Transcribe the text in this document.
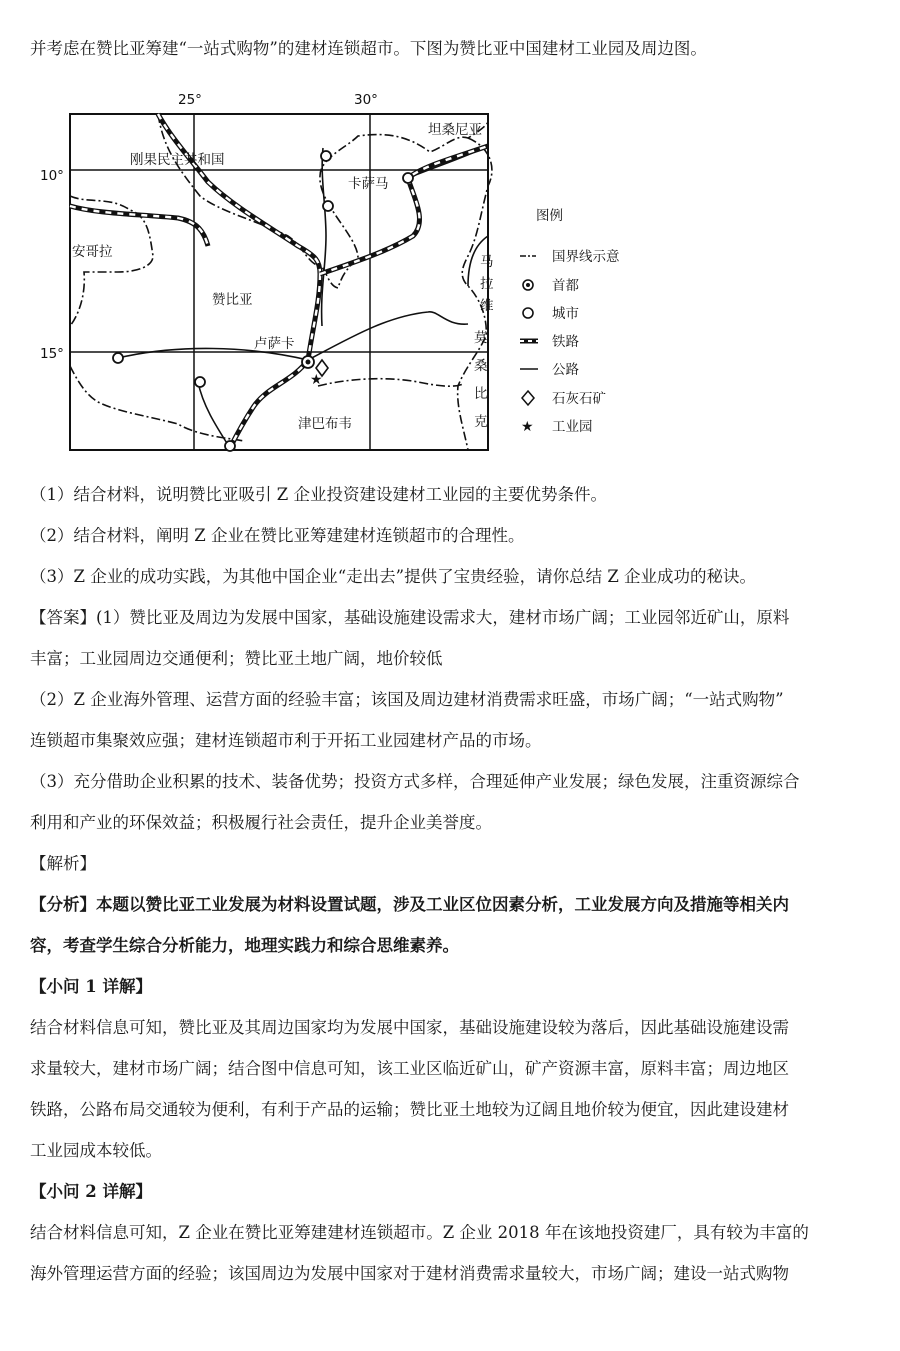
并考虑在赞比亚筹建“一站式购物”的建材连锁超市。下图为赞比亚中国建材工业园及周边图。
25°	30°
10°
15°
★
刚果民主共和国
坦桑尼亚
安哥拉
赞比亚
卡萨马
卢萨卡
津巴布韦
马
拉
维
莫
桑
比
克
图例
国界线示意
首都
城市
铁路
公路
石灰石矿
★ 工业园
（1）结合材料，说明赞比亚吸引 Z 企业投资建设建材工业园的主要优势条件。
（2）结合材料，阐明 Z 企业在赞比亚筹建建材连锁超市的合理性。
（3）Z 企业的成功实践，为其他中国企业“走出去”提供了宝贵经验，请你总结 Z 企业成功的秘诀。
【答案】(1）赞比亚及周边为发展中国家，基础设施建设需求大，建材市场广阔；工业园邻近矿山，原料
丰富；工业园周边交通便利；赞比亚土地广阔，地价较低
（2）Z 企业海外管理、运营方面的经验丰富；该国及周边建材消费需求旺盛，市场广阔；“一站式购物”
连锁超市集聚效应强；建材连锁超市利于开拓工业园建材产品的市场。
（3）充分借助企业积累的技术、装备优势；投资方式多样，合理延伸产业发展；绿色发展，注重资源综合
利用和产业的环保效益；积极履行社会责任，提升企业美誉度。
【解析】
【分析】本题以赞比亚工业发展为材料设置试题，涉及工业区位因素分析，工业发展方向及措施等相关内
容，考查学生综合分析能力，地理实践力和综合思维素养。
【小问 1 详解】
结合材料信息可知，赞比亚及其周边国家均为发展中国家，基础设施建设较为落后，因此基础设施建设需
求量较大，建材市场广阔；结合图中信息可知，该工业区临近矿山，矿产资源丰富，原料丰富；周边地区
铁路，公路布局交通较为便利，有利于产品的运输；赞比亚土地较为辽阔且地价较为便宜，因此建设建材
工业园成本较低。
【小问 2 详解】
结合材料信息可知，Z 企业在赞比亚筹建建材连锁超市。Z 企业 2018 年在该地投资建厂，具有较为丰富的
海外管理运营方面的经验；该国周边为发展中国家对于建材消费需求量较大，市场广阔；建设一站式购物
